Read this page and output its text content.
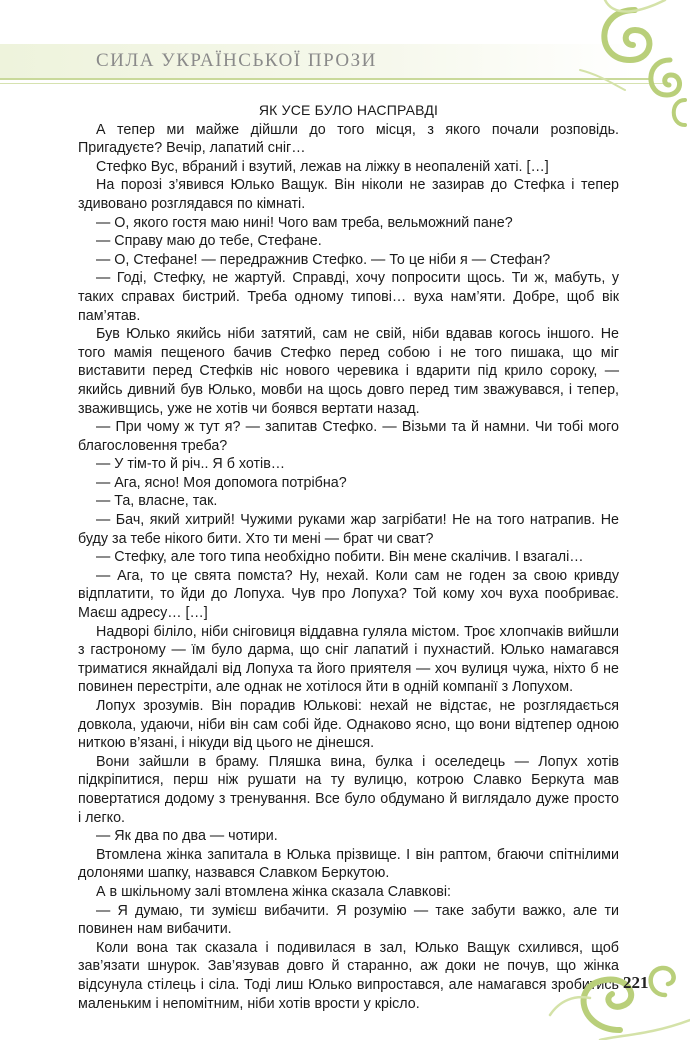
СИЛА УКРАЇНСЬКОЇ ПРОЗИ
ЯК УСЕ БУЛО НАСПРАВДІ

А тепер ми майже дійшли до того місця, з якого почали розповідь. Пригадуєте? Вечір, лапатий сніг…

Стефко Вус, вбраний і взутий, лежав на ліжку в неопаленій хаті. […]

На порозі з’явився Юлько Ващук. Він ніколи не зазирав до Стефка і тепер здивовано розглядався по кімнаті.

— О, якого гостя маю нині! Чого вам треба, вельможний пане?

— Справу маю до тебе, Стефане.

— О, Стефане! — передражнив Стефко. — То це ніби я — Стефан?

— Годі, Стефку, не жартуй. Справді, хочу попросити щось. Ти ж, мабуть, у таких справах бистрий. Треба одному типові… вуха нам’яти. Добре, щоб вік пам’ятав.

Був Юлько якийсь ніби затятий, сам не свій, ніби вдавав когось іншого. Не того мамія пещеного бачив Стефко перед собою і не того пишака, що міг виставити перед Стефків ніс нового черевика і вдарити під крило сороку, — якийсь дивний був Юлько, мовби на щось довго перед тим зважувався, і тепер, зваживщись, уже не хотів чи боявся вертати назад.

— При чому ж тут я? — запитав Стефко. — Візьми та й намни. Чи тобі мого благословення треба?

— У тім-то й річ.. Я б хотів…

— Ага, ясно! Моя допомога потрібна?

— Та, власне, так.

— Бач, який хитрий! Чужими руками жар загрібати! Не на того натрапив. Не буду за тебе нікого бити. Хто ти мені — брат чи сват?

— Стефку, але того типа необхідно побити. Він мене скалічив. І взагалі…

— Ага, то це свята помста? Ну, нехай. Коли сам не годен за свою кривду відплатити, то йди до Лопуха. Чув про Лопуха? Той кому хоч вуха пообриває. Маєш адресу… […]

Надворі біліло, ніби сніговиця віддавна гуляла містом. Троє хлопчаків вийшли з гастроному — їм було дарма, що сніг лапатий і пухнастий. Юлько намагався триматися якнайдалі від Лопуха та його приятеля — хоч вулиця чужа, ніхто б не повинен перестріти, але однак не хотілося йти в одній компанії з Лопухом.

Лопух зрозумів. Він порадив Юлькові: нехай не відстає, не розглядається довкола, удаючи, ніби він сам собі йде. Однаково ясно, що вони відтепер одною ниткою в’язані, і нікуди від цього не дінешся.

Вони зайшли в браму. Пляшка вина, булка і оселедець — Лопух хотів підкріпитися, перш ніж рушати на ту вулицю, котрою Славко Беркута мав повертатися додому з тренування. Все було обдумано й виглядало дуже просто і легко.

— Як два по два — чотири.

Втомлена жінка запитала в Юлька прізвище. І він раптом, бгаючи спітнілими долонями шапку, назвався Славком Беркутою.

А в шкільному залі втомлена жінка сказала Славкові:

— Я думаю, ти зумієш вибачити. Я розумію — таке забути важко, але ти повинен нам вибачити.

Коли вона так сказала і подивилася в зал, Юлько Ващук схилився, щоб зав’язати шнурок. Зав’язував довго й старанно, аж доки не почув, що жінка відсунула стілець і сіла. Тоді лиш Юлько випростався, але намагався зробитись маленьким і непомітним, ніби хотів врости у крісло.

221
